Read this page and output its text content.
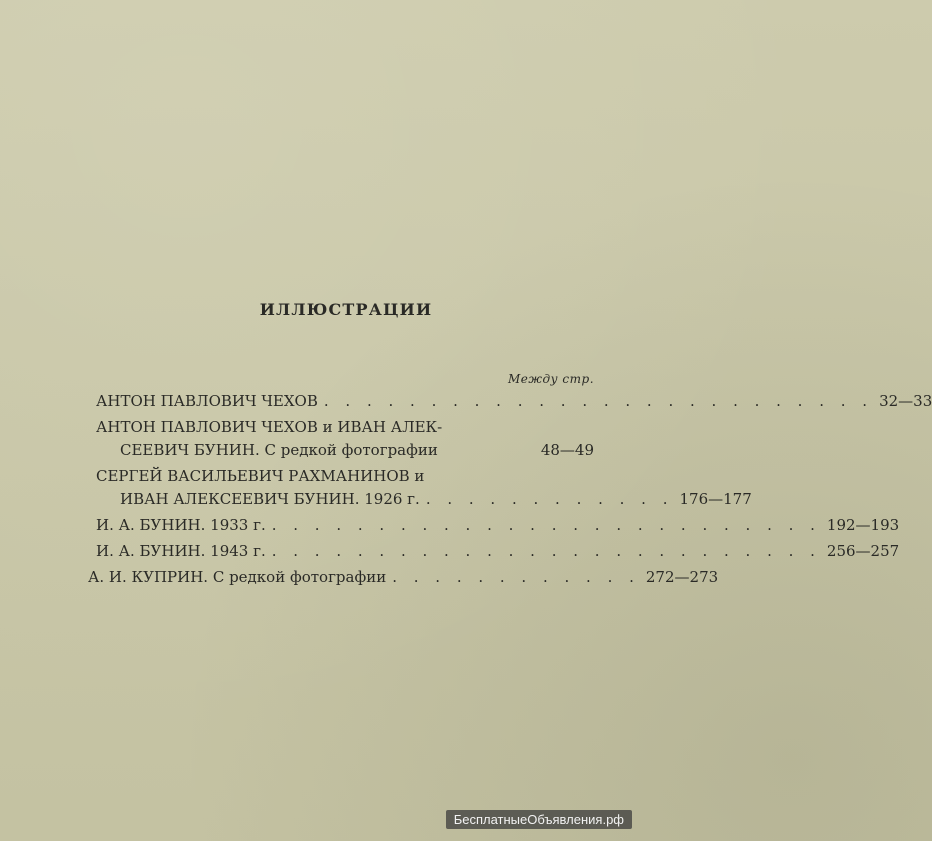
ИЛЛЮСТРАЦИИ
Между стр.
АНТОН ПАВЛОВИЧ ЧЕХОВ . . . . . . . . . . . . . . . . . . . . . . . . . . 32—33
АНТОН ПАВЛОВИЧ ЧЕХОВ и ИВАН АЛЕК-
СЕЕВИЧ БУНИН. С редкой фотографии	48—49
СЕРГЕЙ ВАСИЛЬЕВИЧ РАХМАНИНОВ и
ИВАН АЛЕКСЕЕВИЧ БУНИН. 1926 г. . . . . . . . . . . . . 176—177
И. А. БУНИН. 1933 г. . . . . . . . . . . . . . . . . . . . . . . . . . . 192—193
И. А. БУНИН. 1943 г. . . . . . . . . . . . . . . . . . . . . . . . . . . 256—257
А. И. КУПРИН. С редкой фотографии . . . . . . . . . . . . 272—273
БесплатныеОбъявления.рф
